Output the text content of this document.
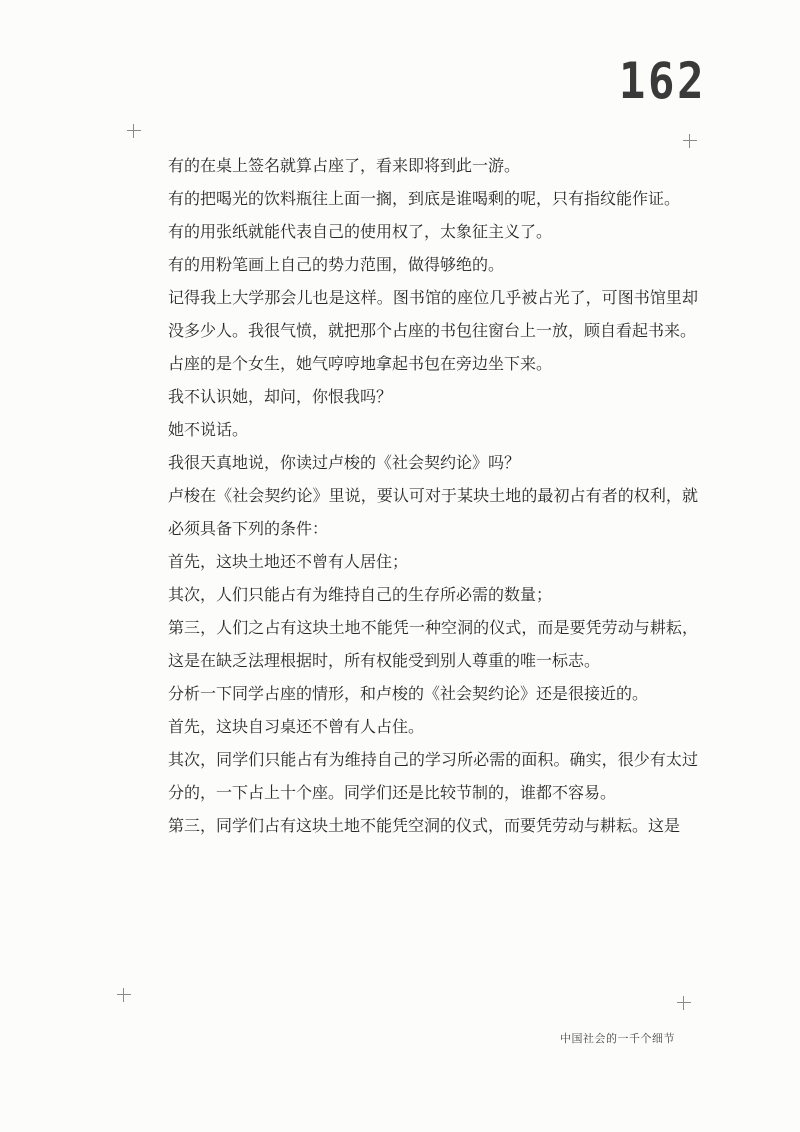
162

有的在桌上签名就算占座了，看来即将到此一游。

有的把喝光的饮料瓶往上面一搁，到底是谁喝剩的呢，只有指纹能作证。

有的用张纸就能代表自己的使用权了，太象征主义了。

有的用粉笔画上自己的势力范围，做得够绝的。

记得我上大学那会儿也是这样。图书馆的座位几乎被占光了，可图书馆里却没多少人。我很气愤，就把那个占座的书包往窗台上一放，顾自看起书来。

占座的是个女生，她气哼哼地拿起书包在旁边坐下来。

我不认识她，却问，你恨我吗？

她不说话。

我很天真地说，你读过卢梭的《社会契约论》吗？

卢梭在《社会契约论》里说，要认可对于某块土地的最初占有者的权利，就必须具备下列的条件：

首先，这块土地还不曾有人居住；

其次，人们只能占有为维持自己的生存所必需的数量；

第三，人们之占有这块土地不能凭一种空洞的仪式，而是要凭劳动与耕耘，这是在缺乏法理根据时，所有权能受到别人尊重的唯一标志。

分析一下同学占座的情形，和卢梭的《社会契约论》还是很接近的。

首先，这块自习桌还不曾有人占住。

其次，同学们只能占有为维持自己的学习所必需的面积。确实，很少有太过分的，一下占上十个座。同学们还是比较节制的，谁都不容易。

第三，同学们占有这块土地不能凭空洞的仪式，而要凭劳动与耕耘。这是

中国社会的一千个细节
